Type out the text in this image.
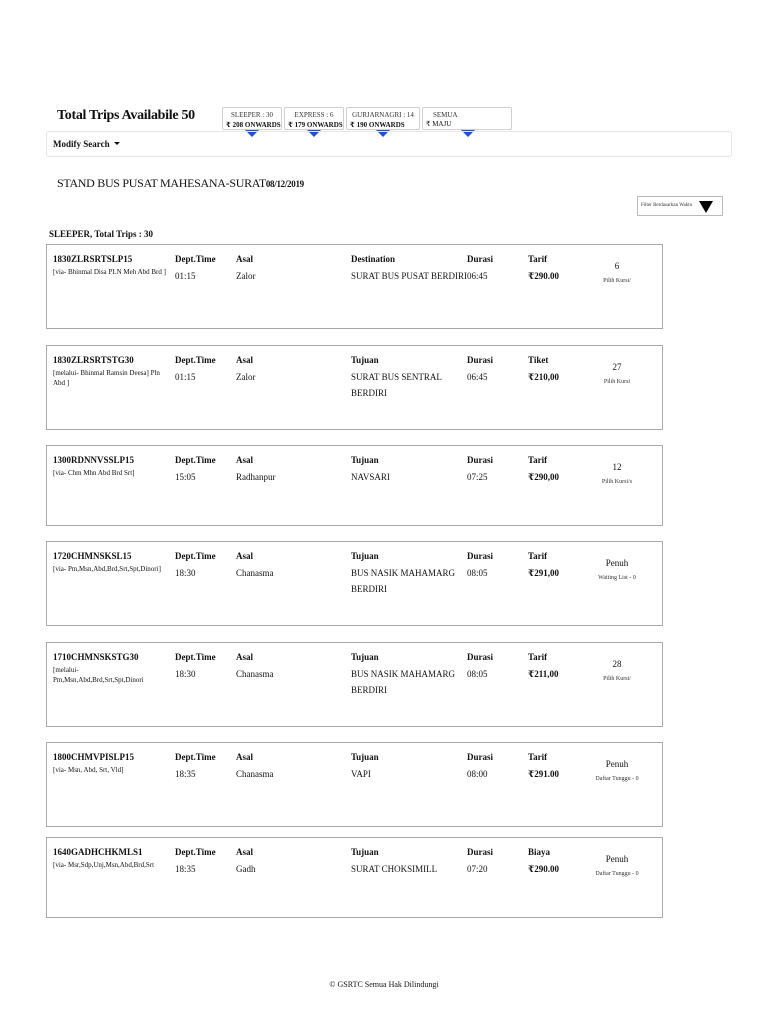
Total Trips Availabile 50	SLEEPER : 30
₹ 208 ONWARDS
EXPRESS : 6
₹ 179 ONWARDS
GURJARNAGRI : 14
₹ 190 ONWARDS
SEMUA
₹ MAJU
Modify Search
STAND BUS PUSAT MAHESANA-SURAT08/12/2019
Filter Berdasarkan Waktu
SLEEPER, Total Trips : 30
1830ZLRSRTSLP15
[via- Bhinmal Disa PLN Meh Abd Brd ]
Dept.Time
01:15
Asal
Zalor
Destination
SURAT BUS PUSAT BERDIRI
Durasi
06:45
Tarif
₹290.00
6
Pilih Kursi/
1830ZLRSRTSTG30
[melalui- Bhinmal Ramsin Deesa] Pln Abd ]
Dept.Time
01:15
Asal
Zalor
Tujuan
SURAT BUS SENTRAL BERDIRI
Durasi
06:45
Tiket
₹210,00
27
Pilih Kursi
1300RDNNVSSLP15
[via- Chm Mhn Abd Brd Srt]
Dept.Time
15:05
Asal
Radhanpur
Tujuan
NAVSARI
Durasi
07:25
Tarif
₹290,00
12
Pilih Kursi/s
1720CHMNSKSL15
[via- Pm,Msn,Abd,Brd,Srt,Spt,Dinori]
Dept.Time
18:30
Asal
Chanasma
Tujuan
BUS NASIK MAHAMARG BERDIRI
Durasi
08:05
Tarif
₹291,00
Penuh
Waiting List - 0
1710CHMNSKSTG30
[melalui- Pm,Msn,Abd,Brd,Srt,Spt,Dinori
Dept.Time
18:30
Asal
Chanasma
Tujuan
BUS NASIK MAHAMARG BERDIRI
Durasi
08:05
Tarif
₹211,00
28
Pilih Kursi/
1800CHMVPISLP15
[via- Msn, Abd, Srt, Vld]
Dept.Time
18:35
Asal
Chanasma
Tujuan
VAPI
Durasi
08:00
Tarif
₹291.00
Penuh
Daftar Tunggu - 0
1640GADHCHKMLS1
[via- Msr,Sdp,Unj,Msn,Abd,Brd,Srt
Dept.Time
18:35
Asal
Gadh
Tujuan
SURAT CHOKSIMILL
Durasi
07:20
Biaya
₹290.00
Penuh
Daftar Tunggu - 0
© GSRTC Semua Hak Dilindungi
